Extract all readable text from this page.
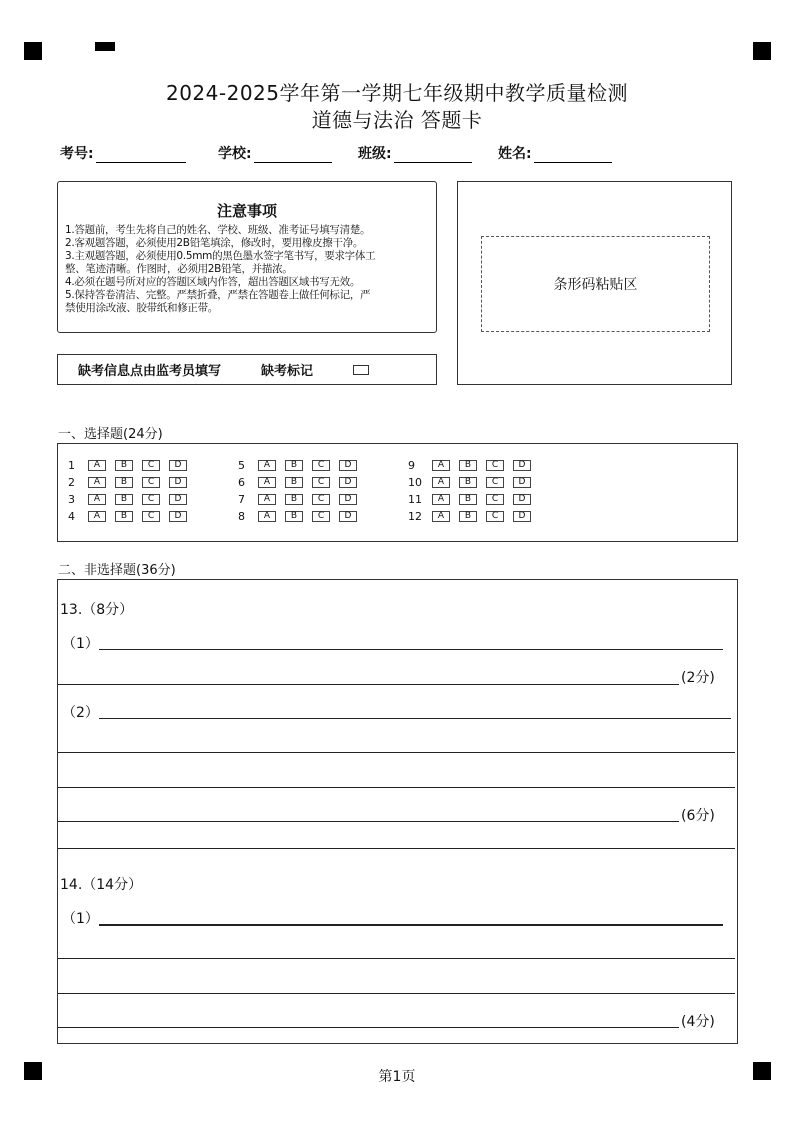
2024-2025学年第一学期七年级期中教学质量检测
道德与法治 答题卡
考号:	学校:	班级:	姓名:
注意事项
1.答题前，考生先将自己的姓名、学校、班级、准考证号填写清楚。
2.客观题答题，必须使用2B铅笔填涂，修改时，要用橡皮擦干净。
3.主观题答题，必须使用0.5mm的黑色墨水签字笔书写，要求字体工
整、笔迹清晰。作图时，必须用2B铅笔，并描浓。
4.必须在题号所对应的答题区域内作答，超出答题区域书写无效。
5.保持答卷清洁、完整。严禁折叠，严禁在答题卷上做任何标记，严
禁使用涂改液、胶带纸和修正带。
条形码粘贴区
缺考信息点由监考员填写	缺考标记
一、选择题(24分)
1	A	B	C	D
2	A	B	C	D
3	A	B	C	D
4	A	B	C	D
5	A	B	C	D
6	A	B	C	D
7	A	B	C	D
8	A	B	C	D
9	A	B	C	D
10	A	B	C	D
11	A	B	C	D
12	A	B	C	D
二、非选择题(36分)
13.（8分）
（1）
(2分)
（2）
(6分)
14.（14分）
（1）
(4分)
第1页
